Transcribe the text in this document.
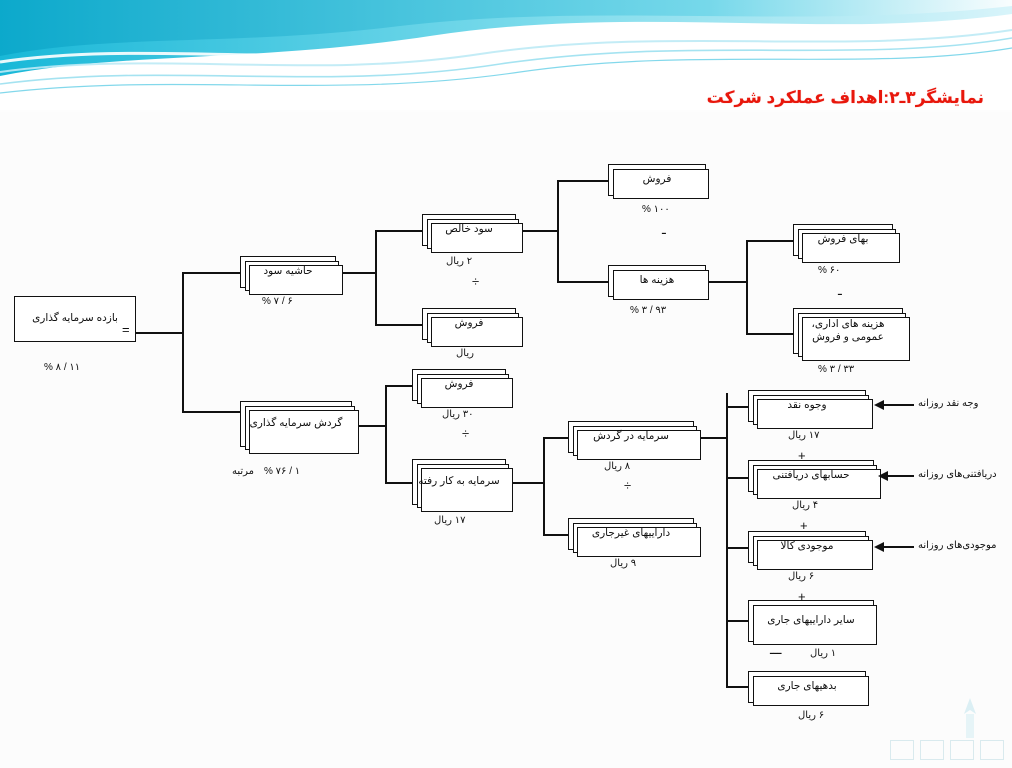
نمایشگر۳ـ۲:اهداف عملکرد شرکت
بازده سرمایه گذاری
۱۱ / ۸ %
=
حاشیه سود
۶ / ۷ %
سود خالص
۲ ریال
÷
فروش
ریال
فروش
۱۰۰ %
ـ
هزینه ها
۹۳ / ۳ %
بهای فروش
۶۰ %
ـ
هزینه های اداری، عمومی و فروش
۳۳ / ۳ %
گردش سرمایه گذاری
۱ / ۷۶ %
مرتبه
فروش
۳۰ ریال
÷
سرمایه به کار رفته
۱۷ ریال
سرمایه در گردش
۸ ریال
÷
داراییهای غیرجاری
۹ ریال
وجوه نقد
۱۷ ریال
+
حسابهای دریافتنی
۴ ریال
+
موجودی کالا
۶ ریال
+
سایر داراییهای جاری
۱ ریال
ـــ
بدهیهای جاری
۶ ریال
وجه نقد روزانه
دریافتنی‌های روزانه
موجودی‌های روزانه
